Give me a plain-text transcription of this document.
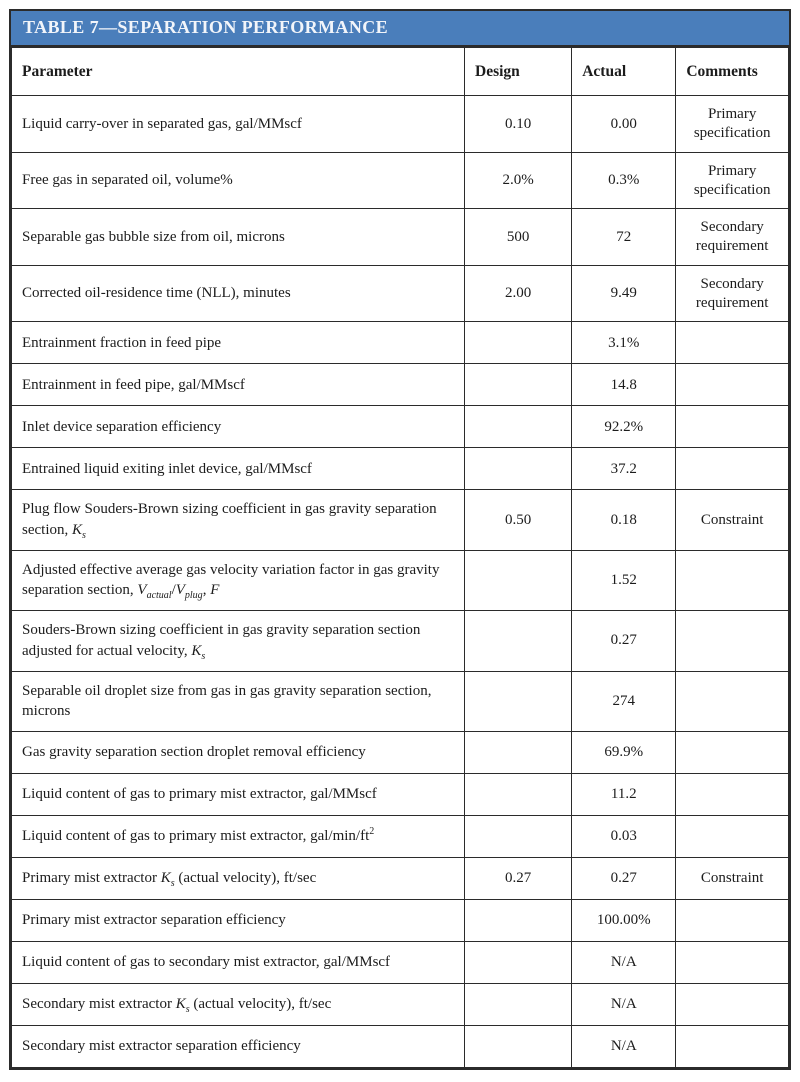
TABLE 7—SEPARATION PERFORMANCE
Parameter	Design	Actual	Comments
Liquid carry-over in separated gas, gal/MMscf	0.10	0.00	Primary specification
Free gas in separated oil, volume%	2.0%	0.3%	Primary specification
Separable gas bubble size from oil, microns	500	72	Secondary requirement
Corrected oil-residence time (NLL), minutes	2.00	9.49	Secondary requirement
Entrainment fraction in feed pipe		3.1%	
Entrainment in feed pipe, gal/MMscf		14.8	
Inlet device separation efficiency		92.2%	
Entrained liquid exiting inlet device, gal/MMscf		37.2	
Plug flow Souders-Brown sizing coefficient in gas gravity separation section, $K_s$	0.50	0.18	Constraint
Adjusted effective average gas velocity variation factor in gas gravity separation section, $V_{actual}/V_{plug}$, F		1.52	
Souders-Brown sizing coefficient in gas gravity separation section adjusted for actual velocity, $K_s$		0.27	
Separable oil droplet size from gas in gas gravity separation section, microns		274	
Gas gravity separation section droplet removal efficiency		69.9%	
Liquid content of gas to primary mist extractor, gal/MMscf		11.2	
Liquid content of gas to primary mist extractor, gal/$\min/ft^2$		0.03	
Primary mist extractor $K_s$ (actual velocity), ft/sec	0.27	0.27	Constraint
Primary mist extractor separation efficiency		100.00%	
Liquid content of gas to secondary mist extractor, gal/MMscf		N/A	
Secondary mist extractor $K_s$ (actual velocity), ft/sec		N/A	
Secondary mist extractor separation efficiency		N/A	
